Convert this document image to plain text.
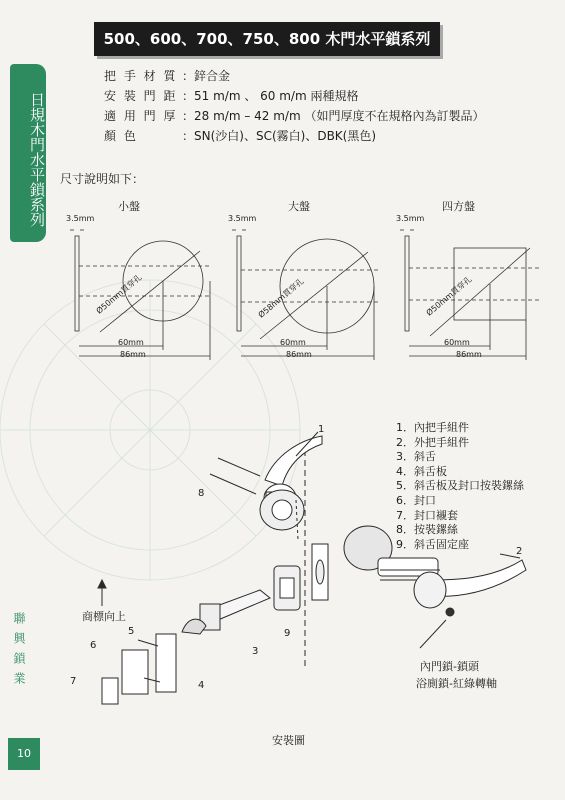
日規木門水平鎖系列
聯興鎖業
10
500、600、700、750、800 木門水平鎖系列
把 手 材 質 ：鋅合金
安 裝 門 距 ：51 m/m 、 60 m/m 兩種規格
適 用 門 厚 ：28 m/m – 42 m/m （如門厚度不在規格內為訂製品）
顏 色	：SN(沙白)、SC(霧白)、DBK(黑色)
尺寸說明如下：
小盤
3.5mm
Ø50mm貫穿孔
60mm
86mm
大盤
3.5mm
Ø58mm貫穿孔
60mm
86mm
四方盤
3.5mm
Ø50mm貫穿孔
60mm
86mm
1．內把手組件
2．外把手組件
3．斜舌
4．斜舌板
5．斜舌板及封口按裝鏍絲
6．封口
7．封口襯套
8．按裝鏍絲
9．斜舌固定座
1
2
3
4
5
6
7
8
9
商標向上
內門鎖-鎖頭
浴廁鎖-紅綠轉軸
安裝圖
